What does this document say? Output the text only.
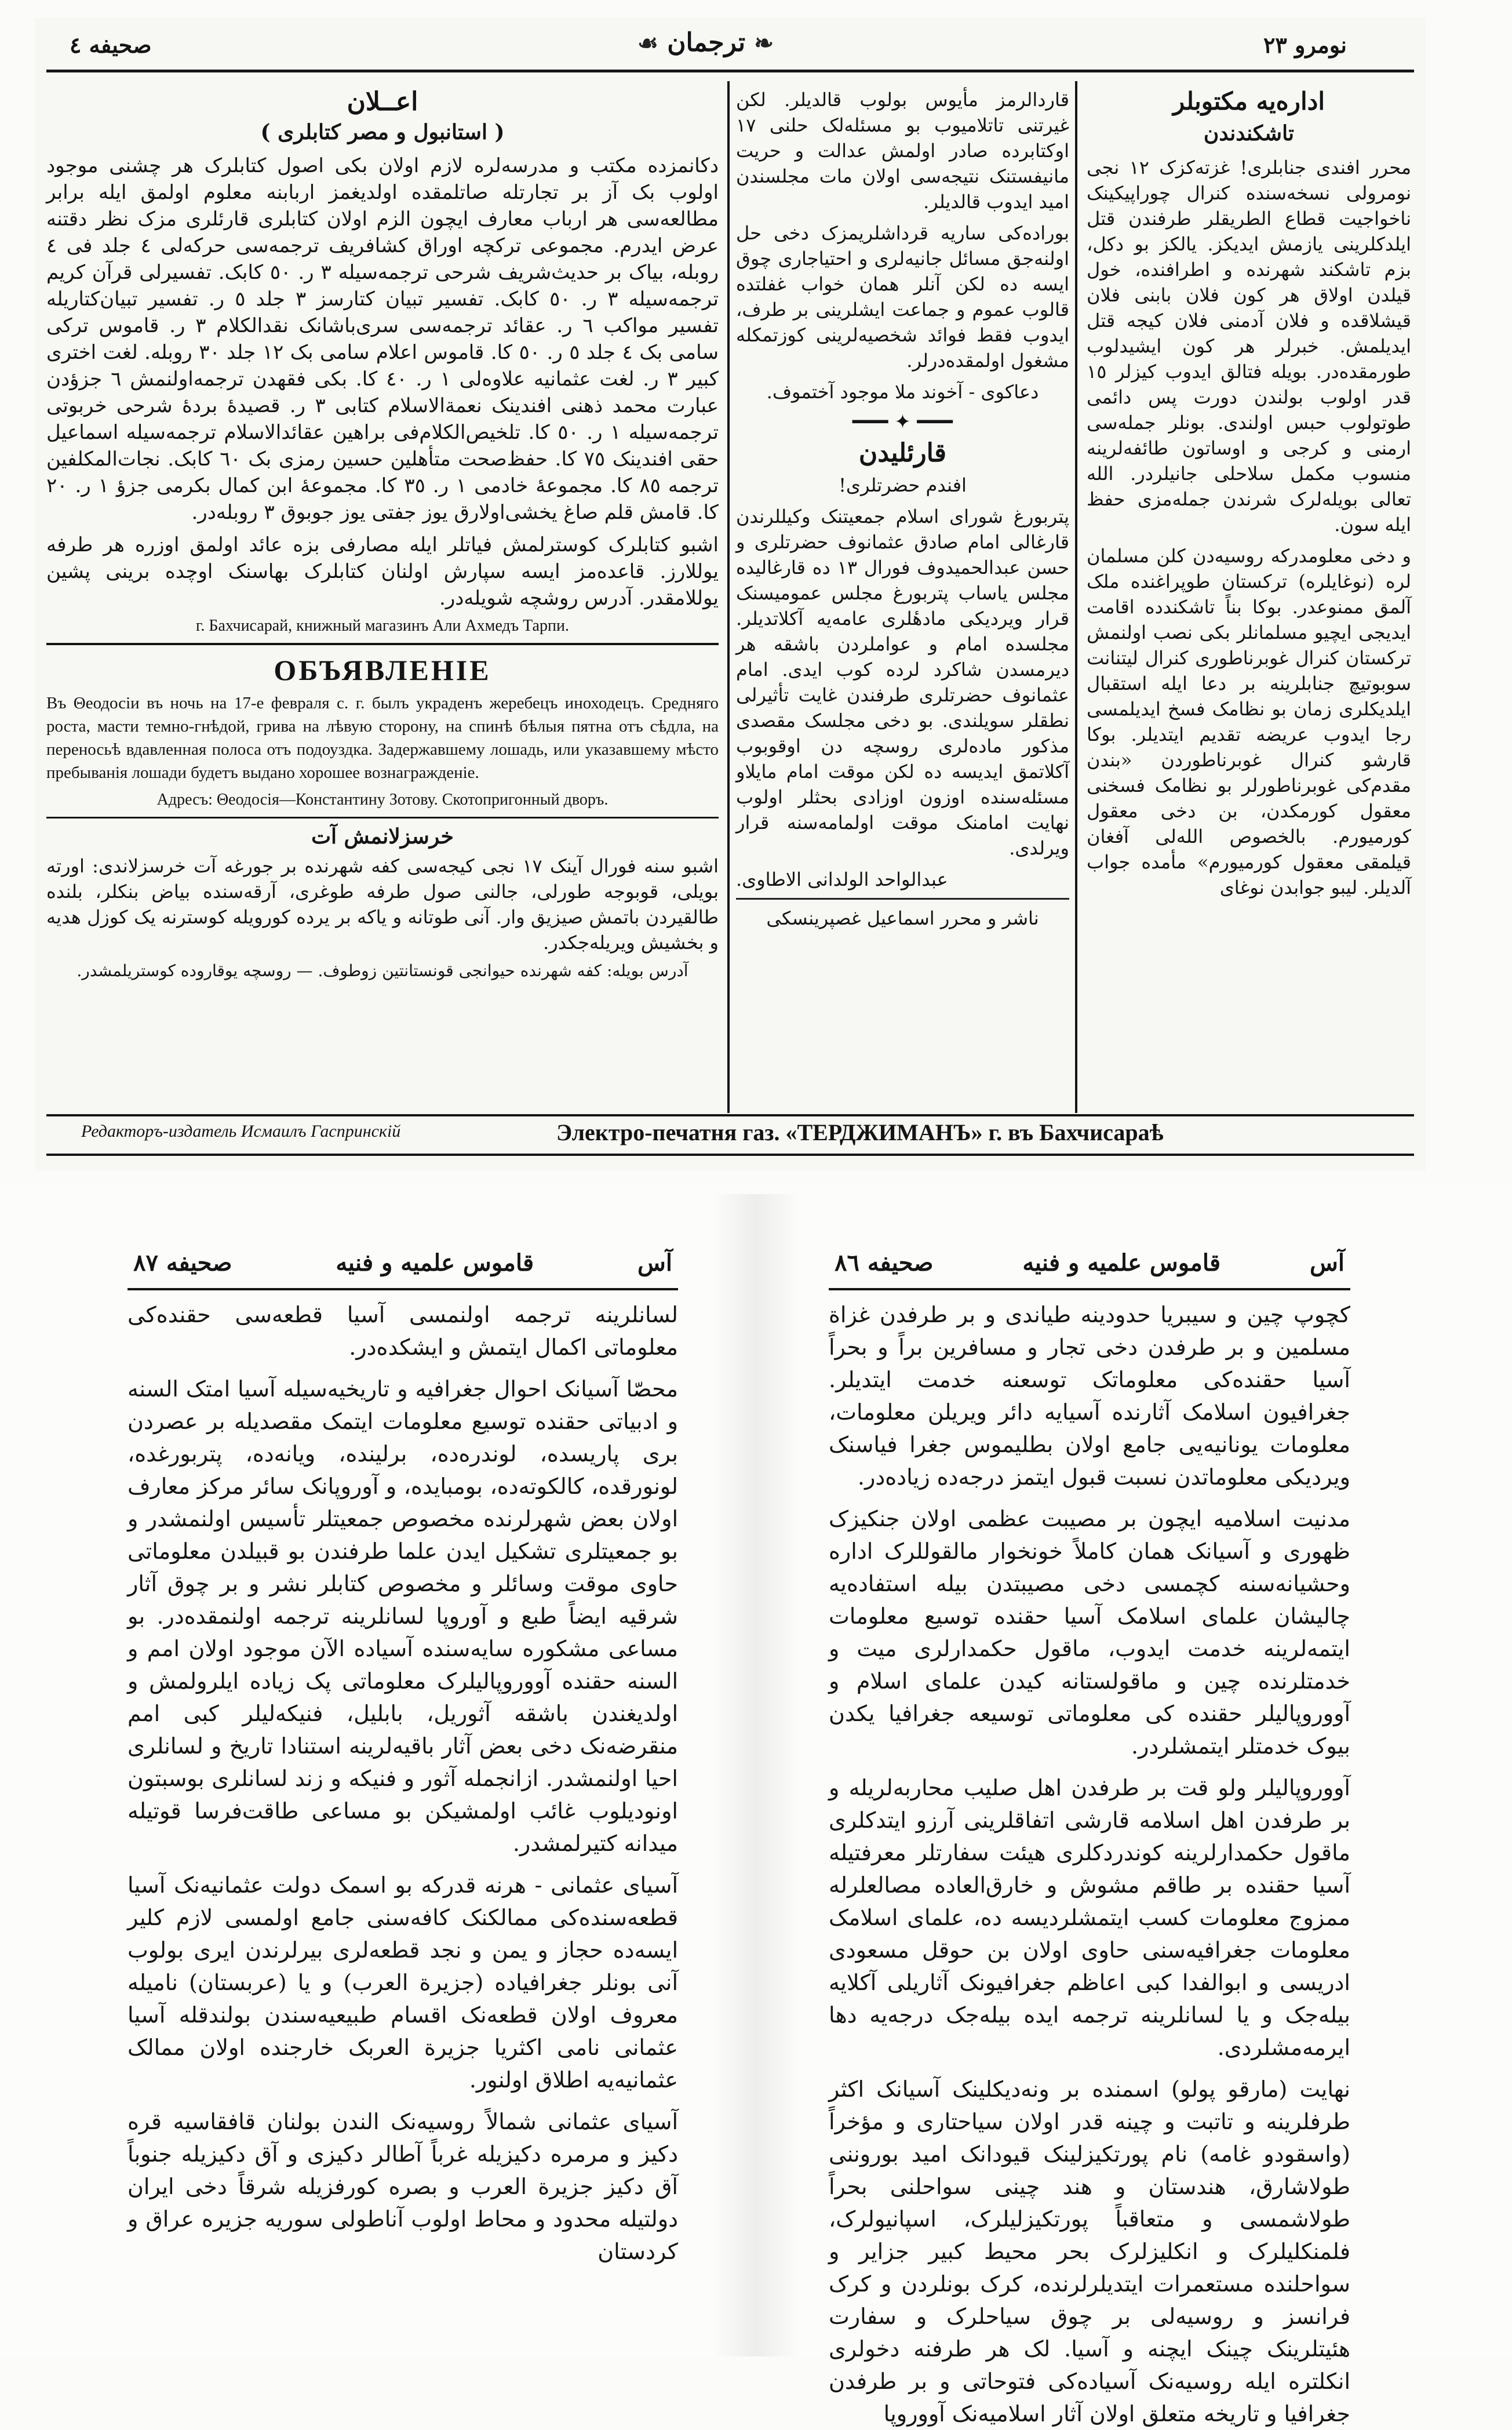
صحیفه ٤	❧ ترجمان ☙	نومرو ٢٣
اداره‌یه مکتوبلر
تاشکندندن

محرر افندی جنابلری! غزته‌کزک ١٢ نجی نومرولی نسخه‌سنده کنرال چوراپیکینک ناخواجیت قطاع الطریقلر طرفندن قتل ایلدکلرینی یازمش ایدیکز. یالکز بو دکل، بزم تاشکند شهرنده و اطرافنده، خول قیلدن اولاق هر کون فلان بابنی فلان قیشلاقده و فلان آدمنی فلان کیجه قتل ایدیلمش. خبرلر هر کون ایشیدلوب طورمقده‌در. بویله فتالق ایدوب کیزلر ١٥ قدر اولوب بولندن دورت پس دائمی طوتولوب حبس اولندی. بونلر جمله‌سی ارمنی و کرجی و اوساتون طائفه‌لرینه منسوب مکمل سلاحلی جانیلردر. الله تعالی بویله‌لرک شرندن جمله‌مزی حفظ ایله سون.

و دخی معلومدرکه روسیه‌دن کلن مسلمان لره (نوغایلره) ترکستان طوپراغنده ملک آلمق ممنوعدر. بوکا بناً تاشکندده اقامت ایدیجی ایچیو مسلمانلر بکی نصب اولنمش ترکستان کنرال غوبرناطوری کنرال لیتنانت سوبوتیچ جنابلرینه بر دعا ایله استقبال ایلدیکلری زمان بو نظامک فسخ ایدیلمسی رجا ایدوب عریضه تقدیم ایتدیلر. بوکا قارشو کنرال غوبرناطوردن «بندن مقدم‌کی غوبرناطورلر بو نظامک فسخنی معقول کورمکدن، بن دخی معقول کورمیورم. بالخصوص الله‌لی آفغان قیلمقی معقول کورمیورم» مأمده جواب آلدیلر. لیبو جوابدن نوغای

قاردالرمز مأیوس بولوب قالدیلر. لکن غیرتنی تاتلامیوب بو مسئله‌لک حلنی ١٧ اوکتابرده صادر اولمش عدالت و حریت مانیفستنک نتیجه‌سی اولان مات مجلسندن امید ایدوب قالدیلر.

بوراده‌کی ساریه قرداشلریمزک دخی حل اولنه‌جق مسائل جانیه‌لری و احتیاجاری چوق ایسه ده لکن آنلر همان خواب غفلتده قالوب عموم و جماعت ایشلرینی بر طرف، ایدوب فقط فوائد شخصیه‌لرینی کوزتمکله مشغول اولمقده‌درلر.

دعاکوی - آخوند ملا موجود آختموف.
━━━ ✦ ━━━
قارئلیدن
افندم حضرتلری!

پتربورغ شورای اسلام جمعیتنک وکیللرندن قارغالی امام صادق عثمانوف حضرتلری و حسن عبدالحمیدوف فورال ١٣ ده قارغالیده مجلس یاساب پتربورغ مجلس عمومیسنک قرار ویردیکی مادهٔلری عامه‌یه آکلاتدیلر. مجلسده امام و عواملردن باشقه هر دیرمسدن شاکرد لرده کوب ایدی. امام عثمانوف حضرتلری طرفندن غایت تأثیرلی نطقلر سویلندی. بو دخی مجلسک مقصدی مذکور ماده‌لری روسچه دن اوقوبوب آکلاتمق ایدیسه ده لکن موقت امام مایلاو مسئله‌سنده اوزون اوزادی بحثلر اولوب نهایت امامنک موقت اولمامه‌سنه قرار ویرلدی.

عبدالواحد الولدانی الاطاوی.
ناشر و محرر اسماعیل غصپرینسکی
اعــلان
( استانبول و مصر کتابلری )

دکانمزده مکتب و مدرسه‌لره لازم اولان بکی اصول کتابلرک هر چشنی موجود اولوب بک آز بر تجارتله صاتلمقده اولدیغمز اربابنه معلوم اولمق ایله برابر مطالعه‌سی هر ارباب معارف ایچون الزم اولان کتابلری قارئلری مزک نظر دقتنه عرض ایدرم. مجموعی ترکچه اوراق کشافریف ترجمه‌سی حرکه‌لی ٤ جلد فی ٤ روبله، بیاک بر حدیث‌شریف شرحی ترجمه‌سیله ٣ ر. ٥٠ کابک. تفسیرلی قرآن کریم ترجمه‌سیله ٣ ر. ٥٠ کابک. تفسیر تبیان کتارسز ٣ جلد ٥ ر. تفسیر تبیان‌کتاریله تفسیر مواکب ٦ ر. عقائد ترجمه‌سی سری‌باشانک نقدالکلام ٣ ر. قاموس ترکی سامی بک ٤ جلد ٥ ر. ٥٠ کا. قاموس اعلام سامی بک ١٢ جلد ٣٠ روبله. لغت اختری کبیر ٣ ر. لغت عثمانیه علاوه‌لی ١ ر. ٤٠ کا. بکی فقهدن ترجمه‌اولنمش ٦ جزؤدن عبارت محمد ذهنی افندینک نعمة‌الاسلام کتابی ٣ ر. قصیدهٔ بردهٔ شرحی خربوتی ترجمه‌سیله ١ ر. ٥٠ کا. تلخیص‌الکلام‌فی براهین عقائدالاسلام ترجمه‌سیله اسماعیل حقی افندینک ٧٥ کا. حفظ‌صحت متأهلین حسین رمزی بک ٦٠ کابک. نجات‌المکلفین ترجمه ٨٥ کا. مجموعهٔ خادمی ١ ر. ٣٥ کا. مجموعهٔ ابن کمال بکرمی جزؤ ١ ر. ٢٠ کا. قامش قلم صاغ یخشی‌اولارق یوز جفتی یوز جوبوق ٣ روبله‌در.

اشبو کتابلرک کوسترلمش فیاتلر ایله مصارفی بزه عائد اولمق اوزره هر طرفه یوللارز. قاعده‌مز ایسه سپارش اولنان کتابلرک بهاسنک اوچده برینی پشین یوللامقدر. آدرس روشچه شویله‌در.

г. Бахчисарай, книжный магазинъ Али Ахмедъ Тарпи.
ОБЪЯВЛЕНIЕ

Въ Θеодосiи въ ночь на 17-е февраля с. г. былъ украденъ жеребецъ иноходецъ. Средняго роста, масти темно-гнѣдой, грива на лѣвую сторону, на спинѣ бѣлыя пятна отъ сѣдла, на переносьѣ вдавленная полоса отъ подоуздка. Задержавшему лошадь, или указавшему мѣсто пребыванiя лошади будетъ выдано хорошее вознагражденiе.

Адресъ: Θеодосiя—Константину Зотову. Скотопригонный дворъ.
خرسزلانمش آت

اشبو سنه فورال آینک ١٧ نجی کیجه‌سی کفه شهرنده بر جورغه آت خرسزلاندی: اورته بویلی، قوبوجه طورلی، جالنی صول طرفه طوغری، آرقه‌سنده بیاض بنکلر، بلنده طالقیردن باتمش صیزیق وار. آنی طوتانه و یاکه بر یرده کورویله کوسترنه یک کوزل هدیه و بخشیش ویریله‌جکدر.

آدرس بویله: کفه شهرنده حیوانجی قونستانتین زوطوف. — روسچه یوقاروده کوستریلمشدر.
Редакторъ-издатель Исмаилъ Гаспринскiй	Электро-печатня газ. «ТЕРДЖИМАНЪ» г. въ Бахчисараѣ
آس
قاموس علمیه و فنیه
صحیفه ٨٧

لسانلرینه ترجمه اولنمسی آسیا قطعه‌سی حقنده‌کی معلوماتی اکمال ایتمش و ایشکده‌در.

محصّا آسیانک احوال جغرافیه و تاریخیه‌سیله آسیا امتک السنه و ادبیاتی حقنده توسیع معلومات ایتمک مقصدیله بر عصردن بری پاریسده، لوندره‌ده، برلینده، ویانه‌ده، پتربورغده، لونورقده، کالکوته‌ده، بومبایده، و آوروپانک سائر مرکز معارف اولان بعض شهرلرنده مخصوص جمعیتلر تأسیس اولنمشدر و بو جمعیتلری تشکیل ایدن علما طرفندن بو قبیلدن معلوماتی حاوی موقت وسائلر و مخصوص کتابلر نشر و بر چوق آثار شرقیه ایضاً طبع و آوروپا لسانلرینه ترجمه اولنمقده‌در. بو مساعی مشکوره سایه‌سنده آسیاده الآن موجود اولان امم و السنه حقنده آووروپالیلرک معلوماتی پک زیاده ایلرولمش و اولدیغندن باشقه آثوریل، بابلیل، فنیکه‌لیلر کبی امم منقرضه‌نک دخی بعض آثار باقیه‌لرینه استنادا تاریخ و لسانلری احیا اولنمشدر. ازانجمله آثور و فنیکه و زند لسانلری بوسبتون اونودیلوب غائب اولمشیکن بو مساعی طاقت‌فرسا قوتیله میدانه کتیرلمشدر.

آسیای عثمانی - هرنه قدرکه بو اسمک دولت عثمانیه‌نک آسیا قطعه‌سنده‌کی ممالکنک کافه‌سنی جامع اولمسی لازم کلیر ایسه‌ده حجاز و یمن و نجد قطعه‌لری بیرلرندن ایری بولوب آنی بونلر جغرافیاده (جزیرة العرب) و یا (عربستان) نامیله معروف اولان قطعه‌نک اقسام طبیعیه‌سندن بولندقله آسیا عثمانی نامی اکثریا جزیرة العربک خارجنده اولان ممالک عثمانیه‌یه اطلاق اولنور.

آسیای عثمانی شمالاً روسیه‌نک الندن بولنان قافقاسیه قره دکیز و مرمره دکیزیله غرباً آطالر دکیزی و آق دکیزیله جنوباً آق دکیز جزیرة العرب و بصره کورفزیله شرقاً دخی ایران دولتیله محدود و محاط اولوب آناطولی سوریه جزیره عراق و کردستان

آس
قاموس علمیه و فنیه
صحیفه ٨٦

کچوپ چین و سیبریا حدودینه طیاندی و بر طرفدن غزاة مسلمین و بر طرفدن دخی تجار و مسافرین براً و بحراً آسیا حقنده‌کی معلوماتک توسعنه خدمت ایتدیلر. جغرافیون اسلامک آثارنده آسیایه دائر ویریلن معلومات، معلومات یونانیه‌یی جامع اولان بطلیموس جغرا فیاسنک ویردیکی معلوماتدن نسبت قبول ایتمز درجه‌ده زیاده‌در.

مدنیت اسلامیه ایچون بر مصیبت عظمی اولان جنکیزک ظهوری و آسیانک همان کاملاً خونخوار مالقوللرک اداره وحشیانه‌سنه کچمسی دخی مصیبتدن بیله استفاده‌یه چالیشان علمای اسلامک آسیا حقنده توسیع معلومات ایتمه‌لرینه خدمت ایدوب، ماقول حکمدارلری میت و خدمتلرنده چین و ماقولستانه کیدن علمای اسلام و آووروپالیلر حقنده کی معلوماتی توسیعه جغرافیا یکدن بیوک خدمتلر ایتمشلردر.

آووروپالیلر ولو قت بر طرفدن اهل صلیب محاربه‌لریله و بر طرفدن اهل اسلامه قارشی اتفاقلرینی آرزو ایتدکلری ماقول حکمدارلرینه کوندردکلری هیئت سفارتلر معرفتیله آسیا حقنده بر طاقم مشوش و خارق‌العاده مصالعلرله ممزوج معلومات کسب ایتمشلردیسه ده، علمای اسلامک معلومات جغرافیه‌سنی حاوی اولان بن حوقل مسعودی ادریسی و ابوالفدا کبی اعاظم جغرافیونک آثاریلی آکلایه بیله‌جک و یا لسانلرینه ترجمه ایده بیله‌جک درجه‌یه دها ایرمه‌مشلردی.

نهایت (مارقو پولو) اسمنده بر ونه‌دیکلینک آسیانک اکثر طرفلرینه و تاتبت و چینه قدر اولان سیاحتاری و مؤخراً (واسقودو غامه) نام پورتکیزلینک قیودانک امید بوروننی طولاشارق، هندستان و هند چینی سواحلنی بحراً طولاشمسی و متعاقباً پورتکیزلیلرک، اسپانیولرک، فلمنکلیلرک و انکلیزلرک بحر محیط کبیر جزایر و سواحلنده مستعمرات ایتدیلرلرنده، کرک بونلردن و کرک فرانسز و روسیه‌لی بر چوق سیاحلرک و سفارت هئیتلرینک چینک ایچنه و آسیا. لک هر طرفنه دخولری انکلتره ایله روسیه‌نک آسیاده‌کی فتوحاتی و بر طرفدن جغرافیا و تاریخه متعلق اولان آثار اسلامیه‌نک آووروپا
